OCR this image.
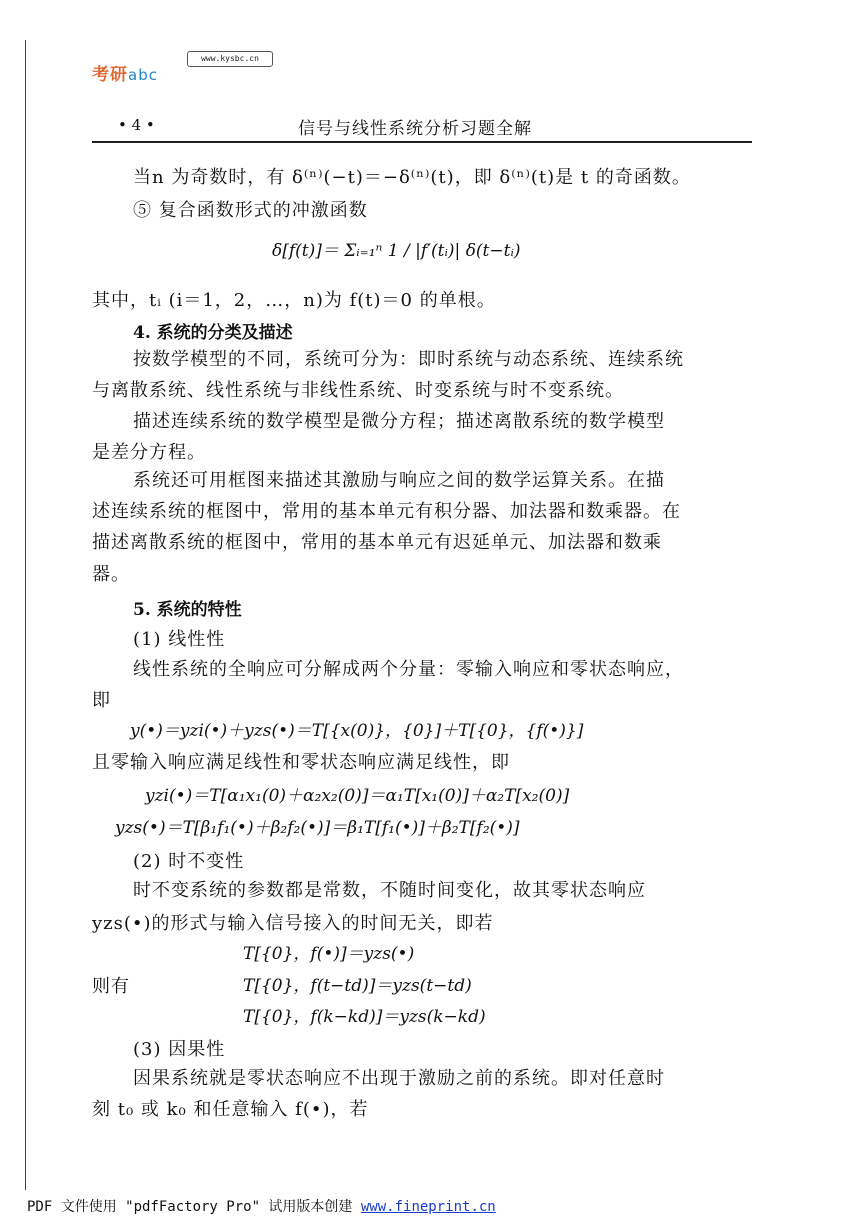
考研abc
www.kysbc.cn
• 4 •	信号与线性系统分析习题全解
当n 为奇数时，有 δ⁽ⁿ⁾(−t)＝−δ⁽ⁿ⁾(t)，即 δ⁽ⁿ⁾(t)是 t 的奇函数。
⑤ 复合函数形式的冲激函数
δ[f(t)]＝ Σᵢ₌₁ⁿ 1 / |f′(tᵢ)| δ(t−tᵢ)
其中，tᵢ (i＝1，2，…，n)为 f(t)＝0 的单根。
4. 系统的分类及描述
按数学模型的不同，系统可分为：即时系统与动态系统、连续系统
与离散系统、线性系统与非线性系统、时变系统与时不变系统。
描述连续系统的数学模型是微分方程；描述离散系统的数学模型
是差分方程。
系统还可用框图来描述其激励与响应之间的数学运算关系。在描
述连续系统的框图中，常用的基本单元有积分器、加法器和数乘器。在
描述离散系统的框图中，常用的基本单元有迟延单元、加法器和数乘
器。
5. 系统的特性
(1) 线性性
线性系统的全响应可分解成两个分量：零输入响应和零状态响应，
即
y(•)＝yzi(•)＋yzs(•)＝T[{x(0)}，{0}]＋T[{0}，{f(•)}]
且零输入响应满足线性和零状态响应满足线性，即
yzi(•)＝T[α₁x₁(0)＋α₂x₂(0)]＝α₁T[x₁(0)]＋α₂T[x₂(0)]
yzs(•)＝T[β₁f₁(•)＋β₂f₂(•)]＝β₁T[f₁(•)]＋β₂T[f₂(•)]
(2) 时不变性
时不变系统的参数都是常数，不随时间变化，故其零状态响应
yzs(•)的形式与输入信号接入的时间无关，即若
T[{0}，f(•)]＝yzs(•)
则有	T[{0}，f(t−td)]＝yzs(t−td)
T[{0}，f(k−kd)]＝yzs(k−kd)
(3) 因果性
因果系统就是零状态响应不出现于激励之前的系统。即对任意时
刻 t₀ 或 k₀ 和任意输入 f(•)，若
PDF 文件使用 "pdfFactory Pro" 试用版本创建 www.fineprint.cn
